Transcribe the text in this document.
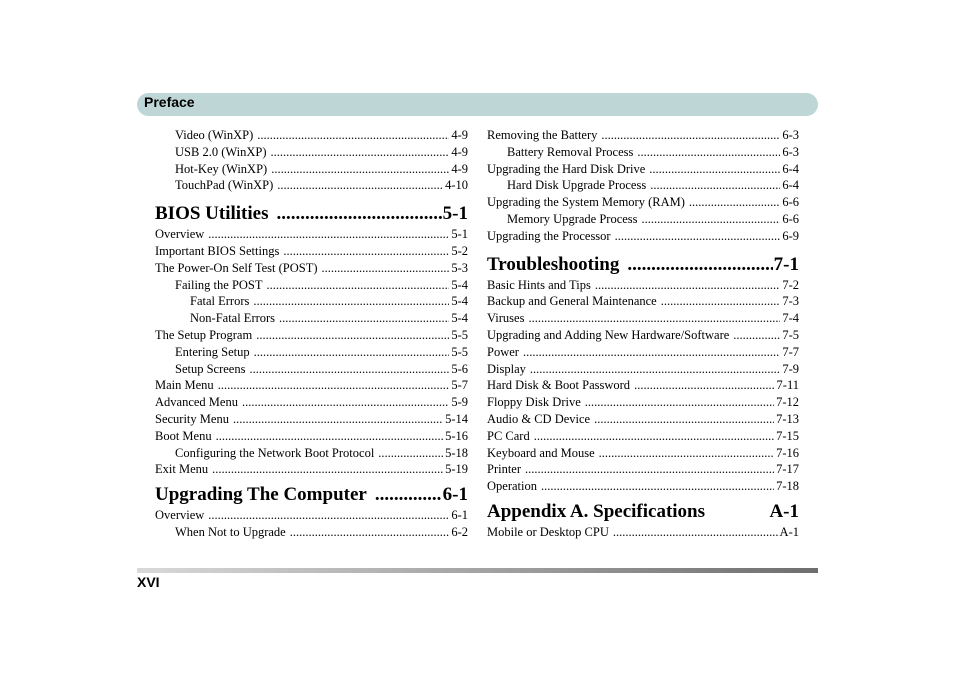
Preface
Video (WinXP) .....	4-9
USB 2.0 (WinXP) .....	4-9
Hot-Key (WinXP) .....	4-9
TouchPad (WinXP) .....	4-10
BIOS Utilities .....	5-1
Overview .....	5-1
Important BIOS Settings .....	5-2
The Power-On Self Test (POST) .....	5-3
Failing the POST .....	5-4
Fatal Errors .....	5-4
Non-Fatal Errors .....	5-4
The Setup Program .....	5-5
Entering Setup .....	5-5
Setup Screens .....	5-6
Main Menu .....	5-7
Advanced Menu .....	5-9
Security Menu .....	5-14
Boot Menu .....	5-16
Configuring the Network Boot Protocol .....	5-18
Exit Menu .....	5-19
Upgrading The Computer .....	6-1
Overview .....	6-1
When Not to Upgrade .....	6-2
Removing the Battery .....	6-3
Battery Removal Process .....	6-3
Upgrading the Hard Disk Drive .....	6-4
Hard Disk Upgrade Process .....	6-4
Upgrading the System Memory (RAM) .....	6-6
Memory Upgrade Process .....	6-6
Upgrading the Processor .....	6-9
Troubleshooting .....	7-1
Basic Hints and Tips .....	7-2
Backup and General Maintenance .....	7-3
Viruses .....	7-4
Upgrading and Adding New Hardware/Software .....	7-5
Power .....	7-7
Display .....	7-9
Hard Disk & Boot Password .....	7-11
Floppy Disk Drive .....	7-12
Audio & CD Device .....	7-13
PC Card .....	7-15
Keyboard and Mouse .....	7-16
Printer .....	7-17
Operation .....	7-18
Appendix A. Specifications	A-1
Mobile or Desktop CPU .....	A-1
XVI
